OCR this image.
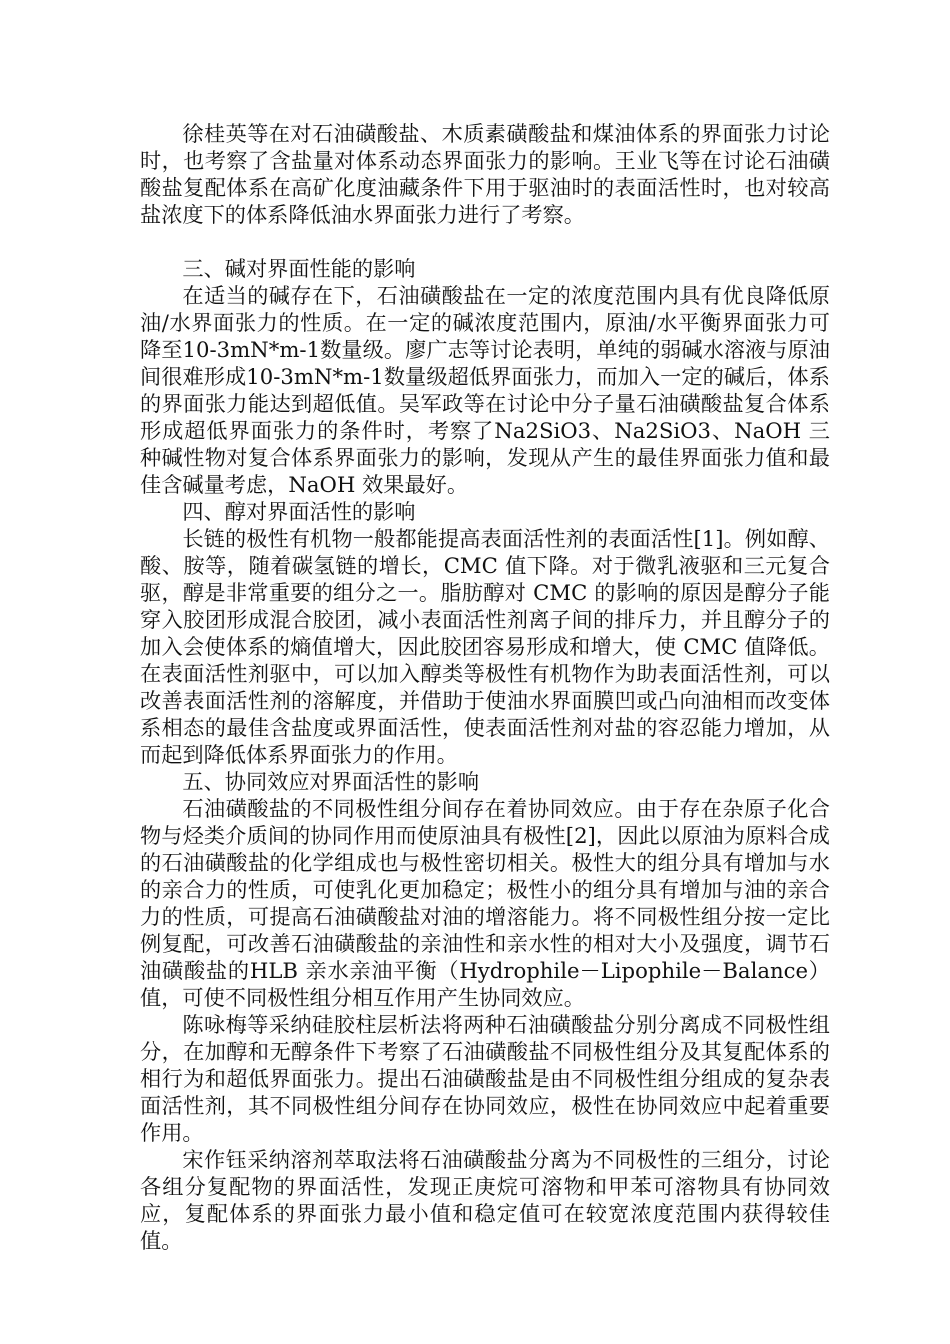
徐桂英等在对石油磺酸盐、木质素磺酸盐和煤油体系的界面张力讨论时，也考察了含盐量对体系动态界面张力的影响。王业飞等在讨论石油磺酸盐复配体系在高矿化度油藏条件下用于驱油时的表面活性时，也对较高盐浓度下的体系降低油水界面张力进行了考察。

三、碱对界面性能的影响

在适当的碱存在下，石油磺酸盐在一定的浓度范围内具有优良降低原油/水界面张力的性质。在一定的碱浓度范围内，原油/水平衡界面张力可降至10-3mN*m-1数量级。廖广志等讨论表明，单纯的弱碱水溶液与原油间很难形成10-3mN*m-1数量级超低界面张力，而加入一定的碱后，体系的界面张力能达到超低值。吴军政等在讨论中分子量石油磺酸盐复合体系形成超低界面张力的条件时，考察了Na2SiO3、Na2SiO3、NaOH 三种碱性物对复合体系界面张力的影响，发现从产生的最佳界面张力值和最佳含碱量考虑，NaOH 效果最好。

四、醇对界面活性的影响

长链的极性有机物一般都能提高表面活性剂的表面活性[1]。例如醇、酸、胺等，随着碳氢链的增长，CMC 值下降。对于微乳液驱和三元复合驱，醇是非常重要的组分之一。脂肪醇对 CMC 的影响的原因是醇分子能穿入胶团形成混合胶团，减小表面活性剂离子间的排斥力，并且醇分子的加入会使体系的熵值增大，因此胶团容易形成和增大，使 CMC 值降低。在表面活性剂驱中，可以加入醇类等极性有机物作为助表面活性剂，可以改善表面活性剂的溶解度，并借助于使油水界面膜凹或凸向油相而改变体系相态的最佳含盐度或界面活性，使表面活性剂对盐的容忍能力增加，从而起到降低体系界面张力的作用。

五、协同效应对界面活性的影响

石油磺酸盐的不同极性组分间存在着协同效应。由于存在杂原子化合物与烃类介质间的协同作用而使原油具有极性[2]，因此以原油为原料合成的石油磺酸盐的化学组成也与极性密切相关。极性大的组分具有增加与水的亲合力的性质，可使乳化更加稳定；极性小的组分具有增加与油的亲合力的性质，可提高石油磺酸盐对油的增溶能力。将不同极性组分按一定比例复配，可改善石油磺酸盐的亲油性和亲水性的相对大小及强度，调节石油磺酸盐的HLB 亲水亲油平衡（Hydrophile－Lipophile－Balance）值，可使不同极性组分相互作用产生协同效应。

陈咏梅等采纳硅胶柱层析法将两种石油磺酸盐分别分离成不同极性组分，在加醇和无醇条件下考察了石油磺酸盐不同极性组分及其复配体系的相行为和超低界面张力。提出石油磺酸盐是由不同极性组分组成的复杂表面活性剂，其不同极性组分间存在协同效应，极性在协同效应中起着重要作用。

宋作钰采纳溶剂萃取法将石油磺酸盐分离为不同极性的三组分，讨论各组分复配物的界面活性，发现正庚烷可溶物和甲苯可溶物具有协同效应，复配体系的界面张力最小值和稳定值可在较宽浓度范围内获得较佳值。
